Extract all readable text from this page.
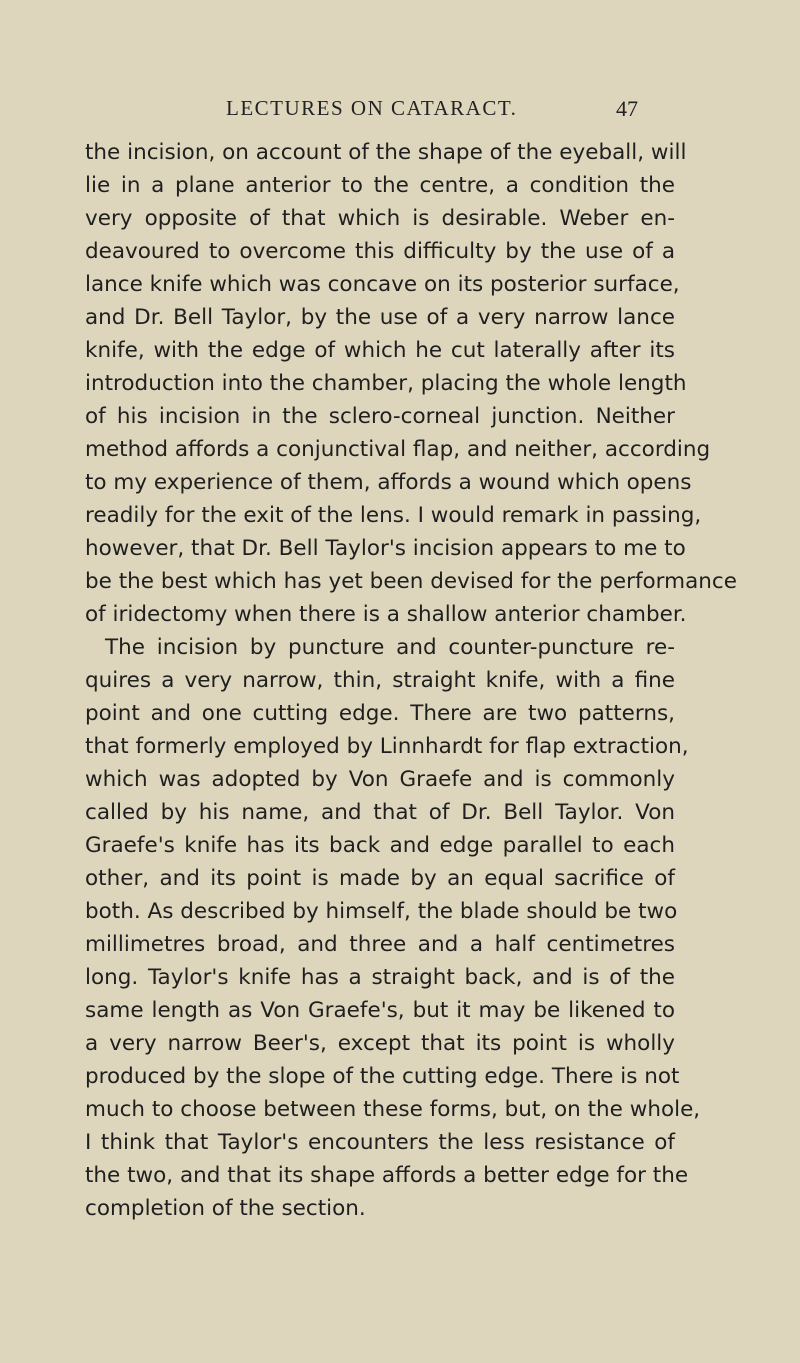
LECTURES ON CATARACT.	47
the incision, on account of the shape of the eyeball, will
lie in a plane anterior to the centre, a condition the
very opposite of that which is desirable. Weber en-
deavoured to overcome this difficulty by the use of a
lance knife which was concave on its posterior surface,
and Dr. Bell Taylor, by the use of a very narrow lance
knife, with the edge of which he cut laterally after its
introduction into the chamber, placing the whole length
of his incision in the sclero-corneal junction. Neither
method affords a conjunctival flap, and neither, according
to my experience of them, affords a wound which opens
readily for the exit of the lens. I would remark in passing,
however, that Dr. Bell Taylor's incision appears to me to
be the best which has yet been devised for the performance
of iridectomy when there is a shallow anterior chamber.
The incision by puncture and counter-puncture re-
quires a very narrow, thin, straight knife, with a fine
point and one cutting edge. There are two patterns,
that formerly employed by Linnhardt for flap extraction,
which was adopted by Von Graefe and is commonly
called by his name, and that of Dr. Bell Taylor. Von
Graefe's knife has its back and edge parallel to each
other, and its point is made by an equal sacrifice of
both. As described by himself, the blade should be two
millimetres broad, and three and a half centimetres
long. Taylor's knife has a straight back, and is of the
same length as Von Graefe's, but it may be likened to
a very narrow Beer's, except that its point is wholly
produced by the slope of the cutting edge. There is not
much to choose between these forms, but, on the whole,
I think that Taylor's encounters the less resistance of
the two, and that its shape affords a better edge for the
completion of the section.
